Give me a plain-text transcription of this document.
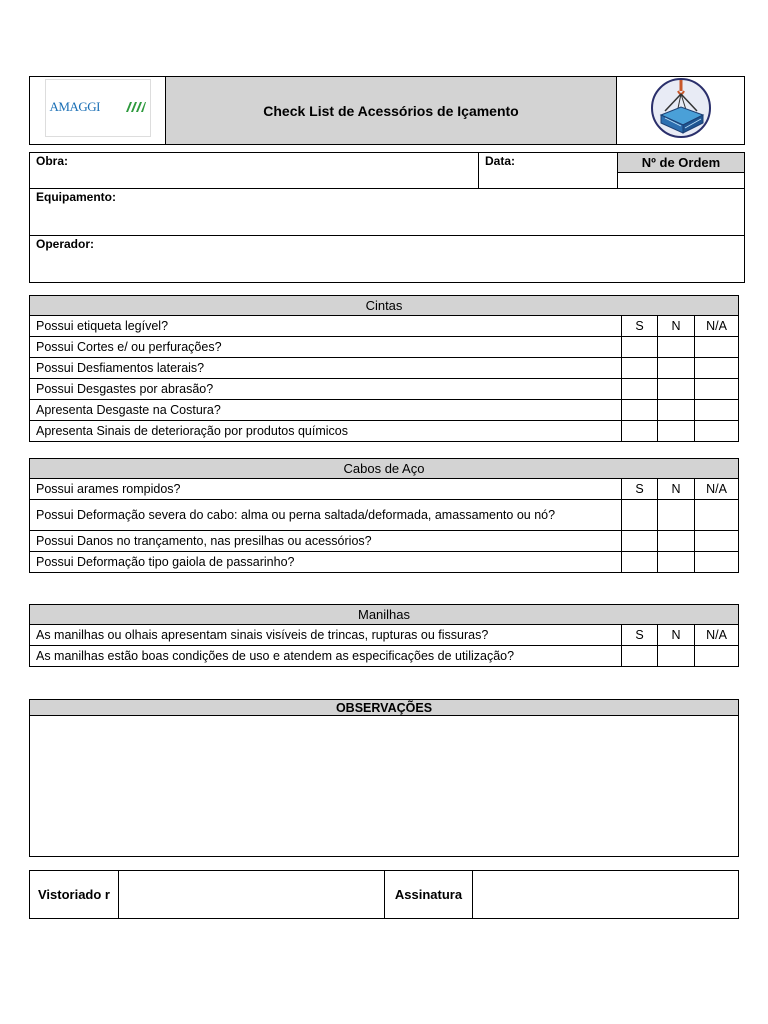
AMAGGI	Check List de Acessórios de Içamento	
Obra:	Data:	Nº de Ordem

Equipamento:
Operador:
Cintas			
Possui etiqueta legível?	S	N	N/A
Possui Cortes e/ ou perfurações?			
Possui Desfiamentos laterais?			
Possui Desgastes por abrasão?			
Apresenta Desgaste na Costura?			
Apresenta Sinais de deterioração por produtos químicos			
Cabos de Aço			
Possui arames rompidos?	S	N	N/A
Possui Deformação severa do cabo: alma ou perna saltada/deformada, amassamento ou nó?			
Possui Danos no trançamento, nas presilhas ou acessórios?			
Possui Deformação tipo gaiola de passarinho?			
Manilhas			
As manilhas ou olhais apresentam sinais visíveis de trincas, rupturas ou fissuras?	S	N	N/A
As manilhas estão boas condições de uso e atendem as especificações de utilização?			
OBSERVAÇÕES

Vistoriado r		Assinatura	
